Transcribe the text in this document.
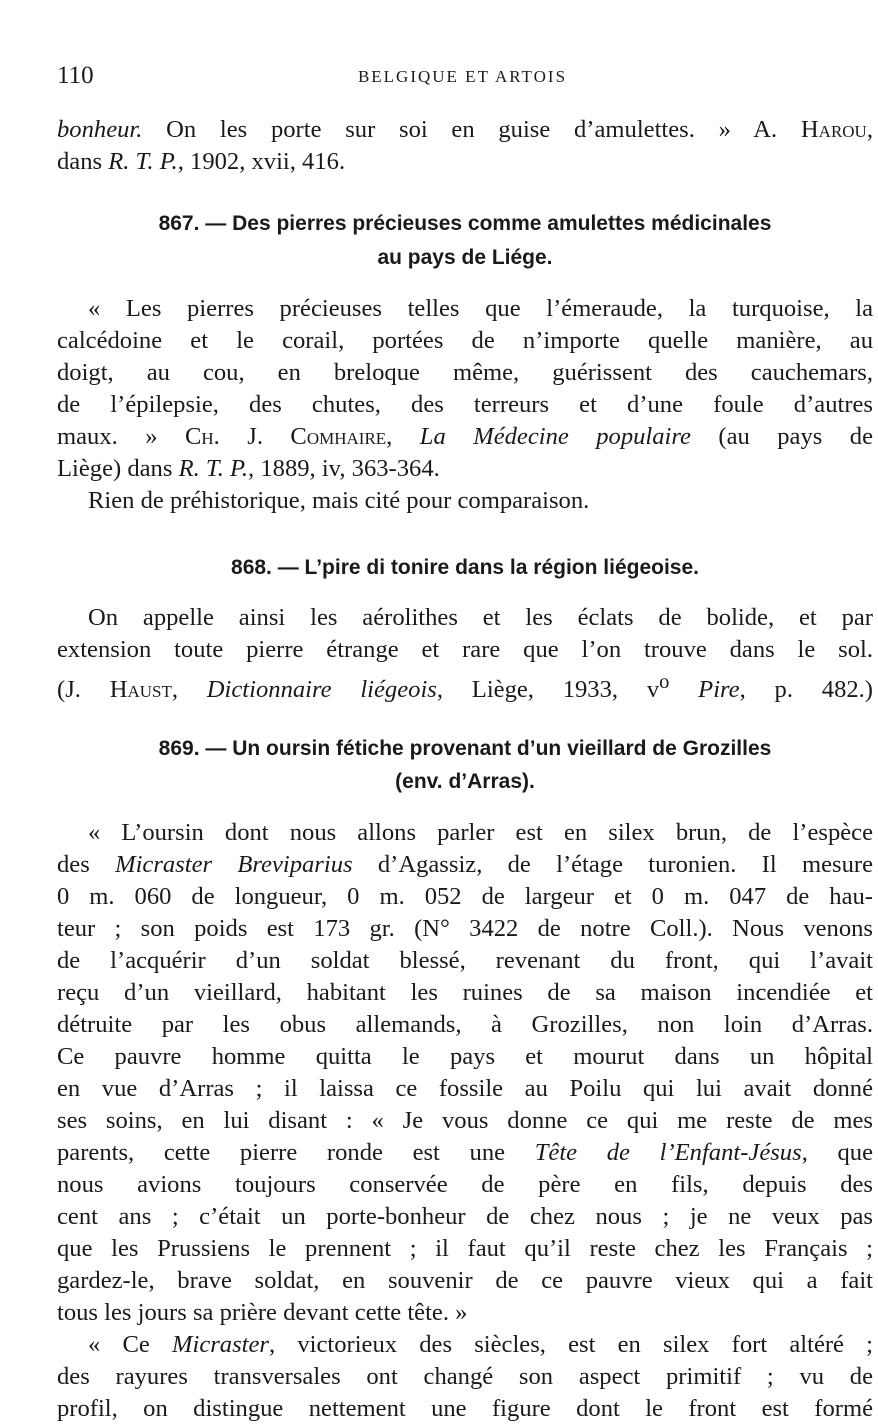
110	BELGIQUE ET ARTOIS
bonheur. On les porte sur soi en guise d’amulettes. » A. Harou,
dans R. T. P., 1902, xvii, 416.
867. — Des pierres précieuses comme amulettes médicinales
au pays de Liége.
« Les pierres précieuses telles que l’émeraude, la turquoise, la
calcédoine et le corail, portées de n’importe quelle manière, au
doigt, au cou, en breloque même, guérissent des cauchemars,
de l’épilepsie, des chutes, des terreurs et d’une foule d’autres
maux. » Ch. J. Comhaire, La Médecine populaire (au pays de
Liège) dans R. T. P., 1889, iv, 363-364.
Rien de préhistorique, mais cité pour comparaison.
868. — L’pire di tonire dans la région liégeoise.
On appelle ainsi les aérolithes et les éclats de bolide, et par
extension toute pierre étrange et rare que l’on trouve dans le sol.
(J. Haust, Dictionnaire liégeois, Liège, 1933, $v^o$ Pire, p. 482.)
869. — Un oursin fétiche provenant d’un vieillard de Grozilles
(env. d’Arras).
« L’oursin dont nous allons parler est en silex brun, de l’espèce
des Micraster Breviparius d’Agassiz, de l’étage turonien. Il mesure
0 m. 060 de longueur, 0 m. 052 de largeur et 0 m. 047 de hau-
teur ; son poids est 173 gr. (N° 3422 de notre Coll.). Nous venons
de l’acquérir d’un soldat blessé, revenant du front, qui l’avait
reçu d’un vieillard, habitant les ruines de sa maison incendiée et
détruite par les obus allemands, à Grozilles, non loin d’Arras.
Ce pauvre homme quitta le pays et mourut dans un hôpital
en vue d’Arras ; il laissa ce fossile au Poilu qui lui avait donné
ses soins, en lui disant : « Je vous donne ce qui me reste de mes
parents, cette pierre ronde est une Tête de l’Enfant-Jésus, que
nous avions toujours conservée de père en fils, depuis des
cent ans ; c’était un porte-bonheur de chez nous ; je ne veux pas
que les Prussiens le prennent ; il faut qu’il reste chez les Français ;
gardez-le, brave soldat, en souvenir de ce pauvre vieux qui a fait
tous les jours sa prière devant cette tête. »
« Ce Micraster, victorieux des siècles, est en silex fort altéré ;
des rayures transversales ont changé son aspect primitif ; vu de
profil, on distingue nettement une figure dont le front est formé
